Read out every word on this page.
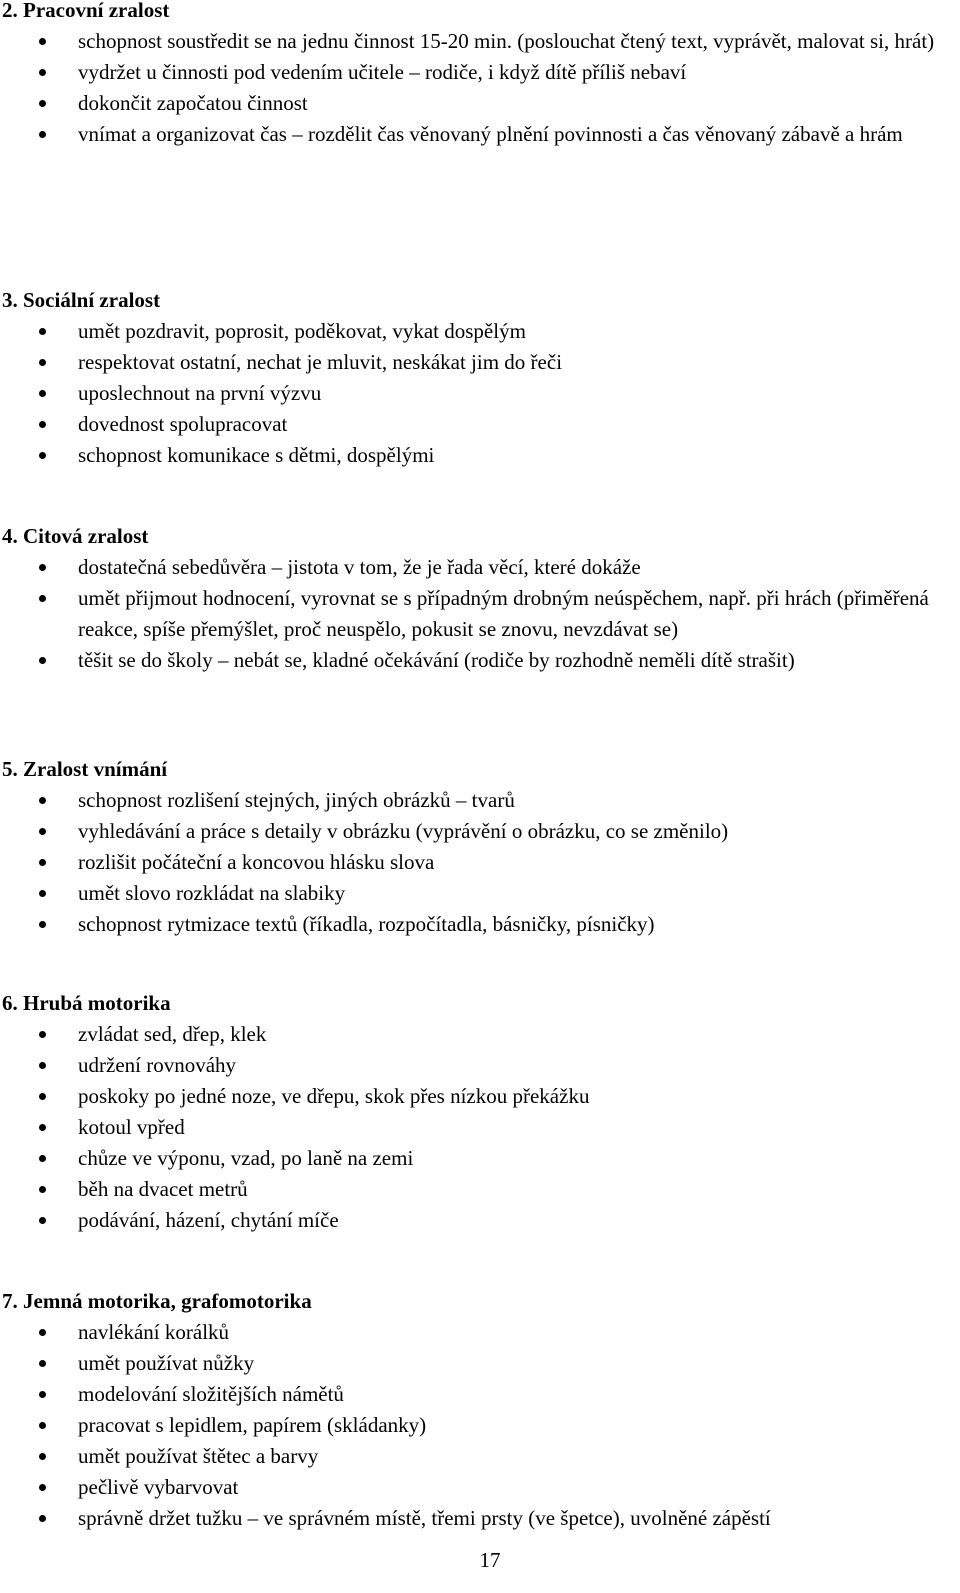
2. Pracovní zralost
schopnost soustředit se na jednu činnost 15-20 min. (poslouchat čtený text, vyprávět, malovat si, hrát)
vydržet u činnosti pod vedením učitele – rodiče, i když dítě příliš nebaví
dokončit započatou činnost
vnímat a organizovat čas – rozdělit čas věnovaný plnění povinnosti a čas věnovaný zábavě a hrám
3. Sociální zralost
umět pozdravit, poprosit, poděkovat, vykat dospělým
respektovat ostatní, nechat je mluvit, neskákat jim do řeči
uposlechnout na první výzvu
dovednost spolupracovat
schopnost komunikace s dětmi, dospělými
4. Citová zralost
dostatečná sebedůvěra – jistota v tom, že je řada věcí, které dokáže
umět přijmout hodnocení, vyrovnat se s případným drobným neúspěchem, např. při hrách (přiměřená reakce, spíše přemýšlet, proč neuspělo, pokusit se znovu, nevzdávat se)
těšit se do školy – nebát se, kladné očekávání (rodiče by rozhodně neměli dítě strašit)
5. Zralost vnímání
schopnost rozlišení stejných, jiných obrázků – tvarů
vyhledávání a práce s detaily v obrázku (vyprávění o obrázku, co se změnilo)
rozlišit počáteční a koncovou hlásku slova
umět slovo rozkládat na slabiky
schopnost rytmizace textů (říkadla, rozpočítadla, básničky, písničky)
6. Hrubá motorika
zvládat sed, dřep, klek
udržení rovnováhy
poskoky po jedné noze, ve dřepu, skok přes nízkou překážku
kotoul vpřed
chůze ve výponu, vzad, po laně na zemi
běh na dvacet metrů
podávání, házení, chytání míče
7. Jemná motorika, grafomotorika
navlékání korálků
umět používat nůžky
modelování složitějších námětů
pracovat s lepidlem, papírem (skládanky)
umět používat štětec a barvy
pečlivě vybarvovat
správně držet tužku – ve správném místě, třemi prsty (ve špetce), uvolněné zápěstí
17
